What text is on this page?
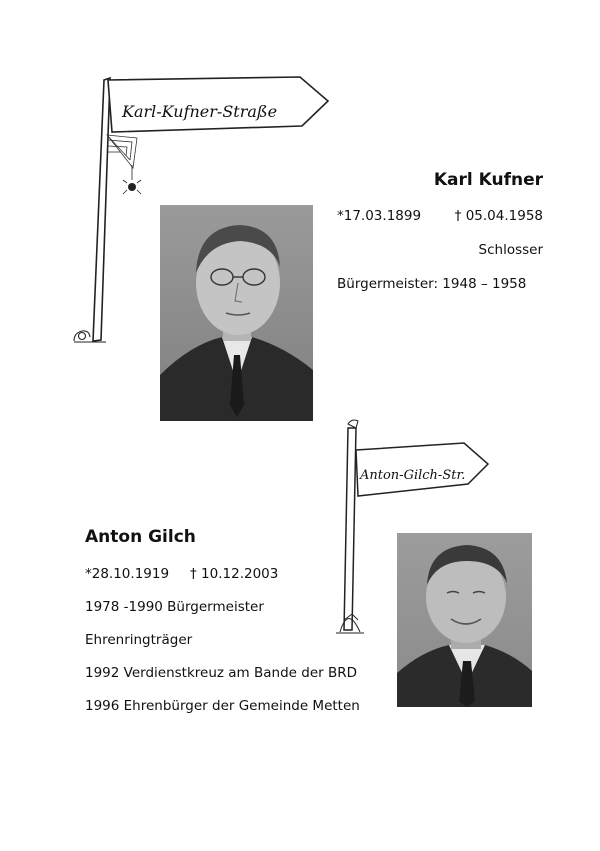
Karl-Kufner-Straße
Karl Kufner
*17.03.1899 † 05.04.1958
Schlosser
Bürgermeister: 1948 – 1958
Anton-Gilch-Str.
Anton Gilch
*28.10.1919 † 10.12.2003
1978 -1990 Bürgermeister
Ehrenringträger
1992 Verdienstkreuz am Bande der BRD
1996 Ehrenbürger der Gemeinde Metten
